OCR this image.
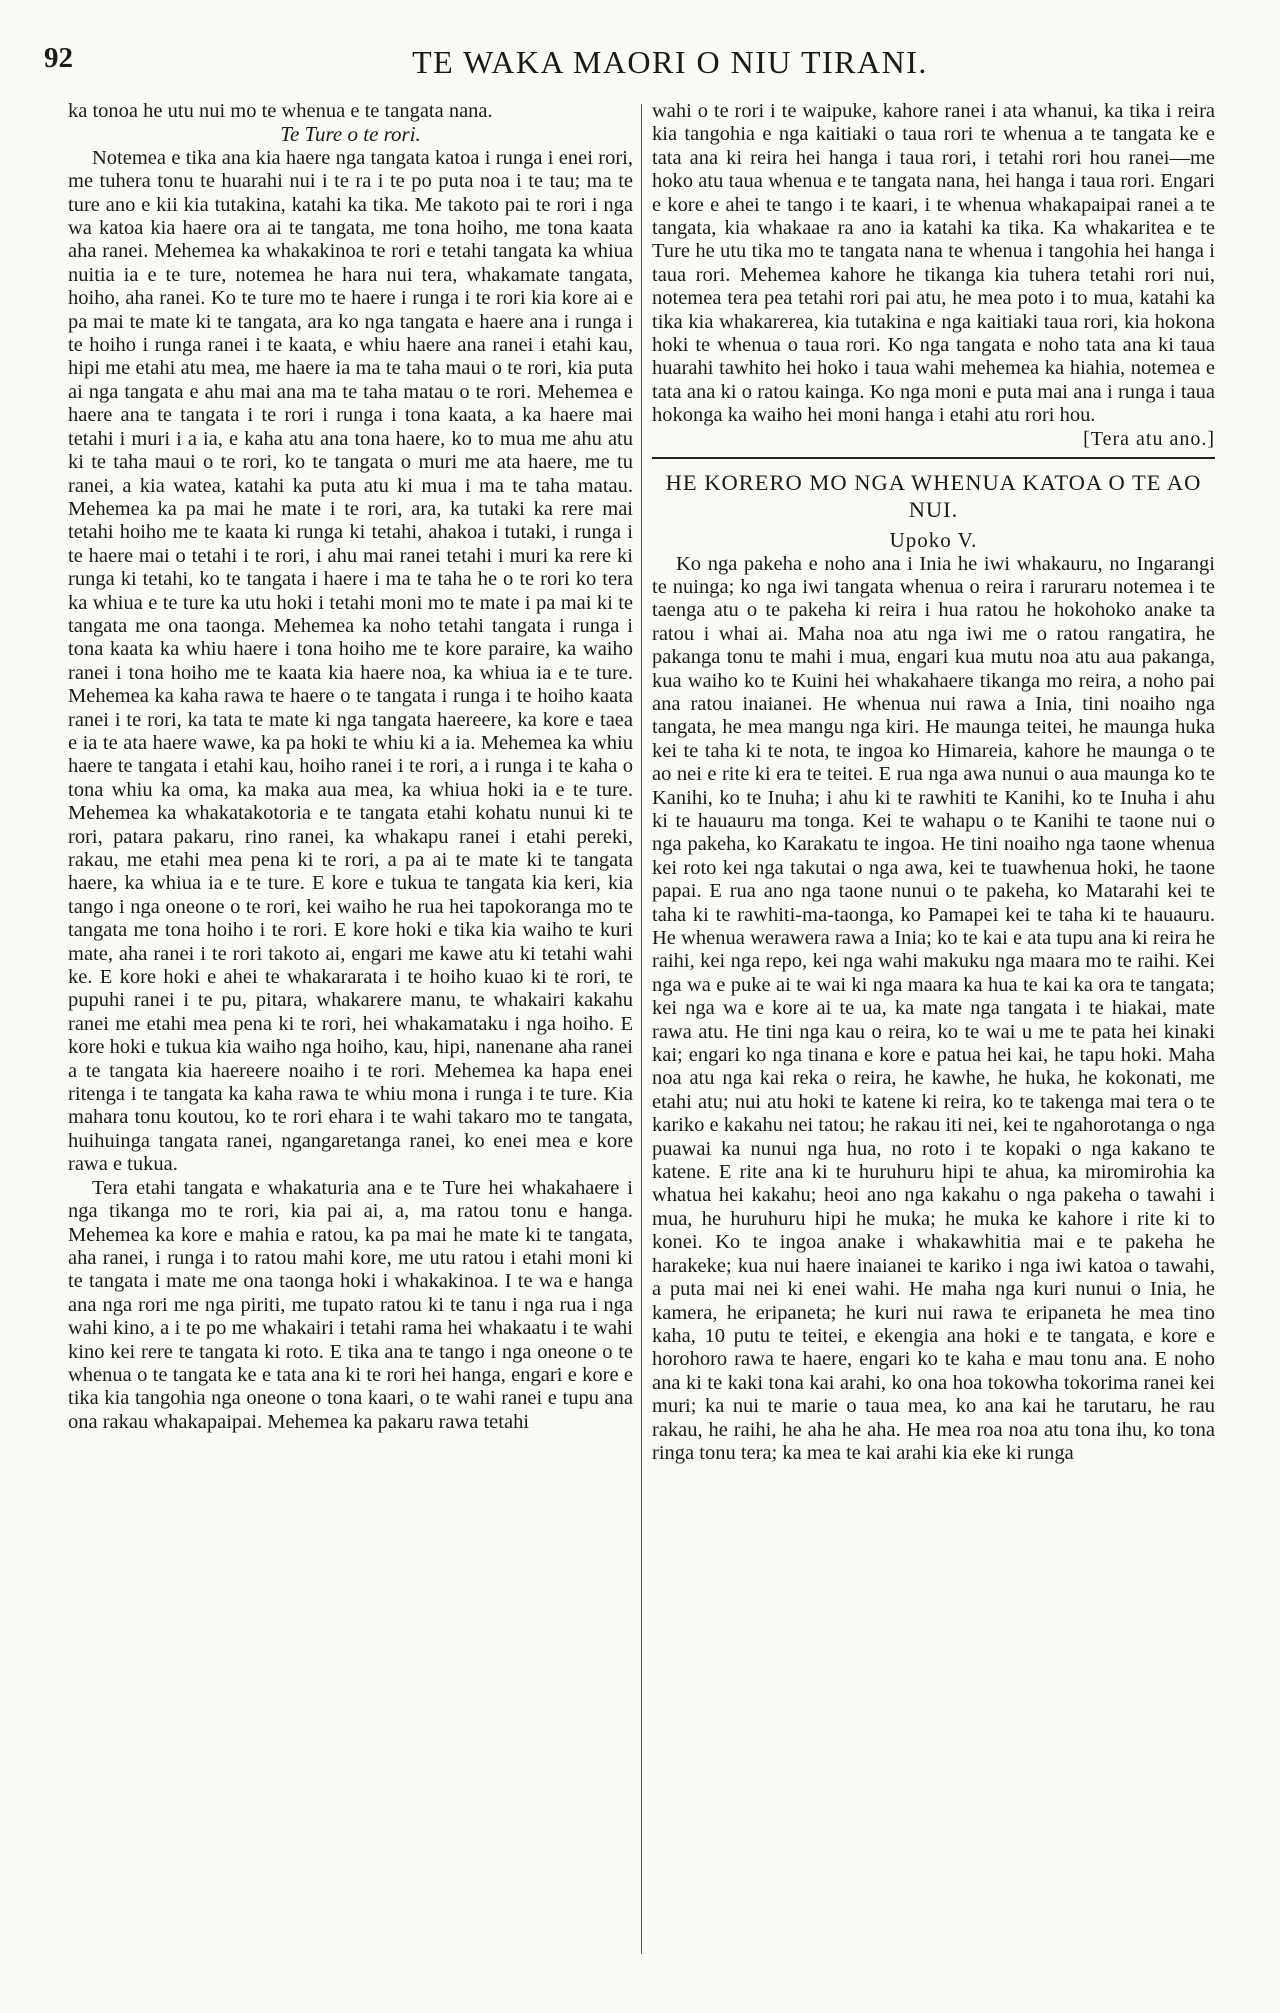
92	TE WAKA MAORI O NIU TIRANI.

ka tonoa he utu nui mo te whenua e te tangata nana.

Te Ture o te rori.

Notemea e tika ana kia haere nga tangata katoa i runga i enei rori, me tuhera tonu te huarahi nui i te ra i te po puta noa i te tau; ma te ture ano e kii kia tutakina, katahi ka tika. Me takoto pai te rori i nga wa katoa kia haere ora ai te tangata, me tona hoiho, me tona kaata aha ranei. Mehemea ka whakakinoa te rori e tetahi tangata ka whiua nuitia ia e te ture, notemea he hara nui tera, whakamate tangata, hoiho, aha ranei. Ko te ture mo te haere i runga i te rori kia kore ai e pa mai te mate ki te tangata, ara ko nga tangata e haere ana i runga i te hoiho i runga ranei i te kaata, e whiu haere ana ranei i etahi kau, hipi me etahi atu mea, me haere ia ma te taha maui o te rori, kia puta ai nga tangata e ahu mai ana ma te taha matau o te rori. Mehemea e haere ana te tangata i te rori i runga i tona kaata, a ka haere mai tetahi i muri i a ia, e kaha atu ana tona haere, ko to mua me ahu atu ki te taha maui o te rori, ko te tangata o muri me ata haere, me tu ranei, a kia watea, katahi ka puta atu ki mua i ma te taha matau. Mehemea ka pa mai he mate i te rori, ara, ka tutaki ka rere mai tetahi hoiho me te kaata ki runga ki tetahi, ahakoa i tutaki, i runga i te haere mai o tetahi i te rori, i ahu mai ranei tetahi i muri ka rere ki runga ki tetahi, ko te tangata i haere i ma te taha he o te rori ko tera ka whiua e te ture ka utu hoki i tetahi moni mo te mate i pa mai ki te tangata me ona taonga. Mehemea ka noho tetahi tangata i runga i tona kaata ka whiu haere i tona hoiho me te kore paraire, ka waiho ranei i tona hoiho me te kaata kia haere noa, ka whiua ia e te ture. Mehemea ka kaha rawa te haere o te tangata i runga i te hoiho kaata ranei i te rori, ka tata te mate ki nga tangata haereere, ka kore e taea e ia te ata haere wawe, ka pa hoki te whiu ki a ia. Mehemea ka whiu haere te tangata i etahi kau, hoiho ranei i te rori, a i runga i te kaha o tona whiu ka oma, ka maka aua mea, ka whiua hoki ia e te ture. Mehemea ka whakatakotoria e te tangata etahi kohatu nunui ki te rori, patara pakaru, rino ranei, ka whakapu ranei i etahi pereki, rakau, me etahi mea pena ki te rori, a pa ai te mate ki te tangata haere, ka whiua ia e te ture. E kore e tukua te tangata kia keri, kia tango i nga oneone o te rori, kei waiho he rua hei tapokoranga mo te tangata me tona hoiho i te rori. E kore hoki e tika kia waiho te kuri mate, aha ranei i te rori takoto ai, engari me kawe atu ki tetahi wahi ke. E kore hoki e ahei te whakararata i te hoiho kuao ki te rori, te pupuhi ranei i te pu, pitara, whakarere manu, te whakairi kakahu ranei me etahi mea pena ki te rori, hei whakamataku i nga hoiho. E kore hoki e tukua kia waiho nga hoiho, kau, hipi, nanenane aha ranei a te tangata kia haereere noaiho i te rori. Mehemea ka hapa enei ritenga i te tangata ka kaha rawa te whiu mona i runga i te ture. Kia mahara tonu koutou, ko te rori ehara i te wahi takaro mo te tangata, huihuinga tangata ranei, ngangaretanga ranei, ko enei mea e kore rawa e tukua.

Tera etahi tangata e whakaturia ana e te Ture hei whakahaere i nga tikanga mo te rori, kia pai ai, a, ma ratou tonu e hanga. Mehemea ka kore e mahia e ratou, ka pa mai he mate ki te tangata, aha ranei, i runga i to ratou mahi kore, me utu ratou i etahi moni ki te tangata i mate me ona taonga hoki i whakakinoa. I te wa e hanga ana nga rori me nga piriti, me tupato ratou ki te tanu i nga rua i nga wahi kino, a i te po me whakairi i tetahi rama hei whakaatu i te wahi kino kei rere te tangata ki roto. E tika ana te tango i nga oneone o te whenua o te tangata ke e tata ana ki te rori hei hanga, engari e kore e tika kia tangohia nga oneone o tona kaari, o te wahi ranei e tupu ana ona rakau whakapaipai. Mehemea ka pakaru rawa tetahi

wahi o te rori i te waipuke, kahore ranei i ata whanui, ka tika i reira kia tangohia e nga kaitiaki o taua rori te whenua a te tangata ke e tata ana ki reira hei hanga i taua rori, i tetahi rori hou ranei—me hoko atu taua whenua e te tangata nana, hei hanga i taua rori. Engari e kore e ahei te tango i te kaari, i te whenua whakapaipai ranei a te tangata, kia whakaae ra ano ia katahi ka tika. Ka whakaritea e te Ture he utu tika mo te tangata nana te whenua i tangohia hei hanga i taua rori. Mehemea kahore he tikanga kia tuhera tetahi rori nui, notemea tera pea tetahi rori pai atu, he mea poto i to mua, katahi ka tika kia whakarerea, kia tutakina e nga kaitiaki taua rori, kia hokona hoki te whenua o taua rori. Ko nga tangata e noho tata ana ki taua huarahi tawhito hei hoko i taua wahi mehemea ka hiahia, notemea e tata ana ki o ratou kainga. Ko nga moni e puta mai ana i runga i taua hokonga ka waiho hei moni hanga i etahi atu rori hou.

[Tera atu ano.]

HE KORERO MO NGA WHENUA KATOA O TE AO NUI.

Upoko V.

Ko nga pakeha e noho ana i Inia he iwi whakauru, no Ingarangi te nuinga; ko nga iwi tangata whenua o reira i raruraru notemea i te taenga atu o te pakeha ki reira i hua ratou he hokohoko anake ta ratou i whai ai. Maha noa atu nga iwi me o ratou rangatira, he pakanga tonu te mahi i mua, engari kua mutu noa atu aua pakanga, kua waiho ko te Kuini hei whakahaere tikanga mo reira, a noho pai ana ratou inaianei. He whenua nui rawa a Inia, tini noaiho nga tangata, he mea mangu nga kiri. He maunga teitei, he maunga huka kei te taha ki te nota, te ingoa ko Himareia, kahore he maunga o te ao nei e rite ki era te teitei. E rua nga awa nunui o aua maunga ko te Kanihi, ko te Inuha; i ahu ki te rawhiti te Kanihi, ko te Inuha i ahu ki te hauauru ma tonga. Kei te wahapu o te Kanihi te taone nui o nga pakeha, ko Karakatu te ingoa. He tini noaiho nga taone whenua kei roto kei nga takutai o nga awa, kei te tuawhenua hoki, he taone papai. E rua ano nga taone nunui o te pakeha, ko Matarahi kei te taha ki te rawhiti-ma-taonga, ko Pamapei kei te taha ki te hauauru. He whenua werawera rawa a Inia; ko te kai e ata tupu ana ki reira he raihi, kei nga repo, kei nga wahi makuku nga maara mo te raihi. Kei nga wa e puke ai te wai ki nga maara ka hua te kai ka ora te tangata; kei nga wa e kore ai te ua, ka mate nga tangata i te hiakai, mate rawa atu. He tini nga kau o reira, ko te wai u me te pata hei kinaki kai; engari ko nga tinana e kore e patua hei kai, he tapu hoki. Maha noa atu nga kai reka o reira, he kawhe, he huka, he kokonati, me etahi atu; nui atu hoki te katene ki reira, ko te takenga mai tera o te kariko e kakahu nei tatou; he rakau iti nei, kei te ngahorotanga o nga puawai ka nunui nga hua, no roto i te kopaki o nga kakano te katene. E rite ana ki te huruhuru hipi te ahua, ka miromirohia ka whatua hei kakahu; heoi ano nga kakahu o nga pakeha o tawahi i mua, he huruhuru hipi he muka; he muka ke kahore i rite ki to konei. Ko te ingoa anake i whakawhitia mai e te pakeha he harakeke; kua nui haere inaianei te kariko i nga iwi katoa o tawahi, a puta mai nei ki enei wahi. He maha nga kuri nunui o Inia, he kamera, he eripaneta; he kuri nui rawa te eripaneta he mea tino kaha, 10 putu te teitei, e ekengia ana hoki e te tangata, e kore e horohoro rawa te haere, engari ko te kaha e mau tonu ana. E noho ana ki te kaki tona kai arahi, ko ona hoa tokowha tokorima ranei kei muri; ka nui te marie o taua mea, ko ana kai he tarutaru, he rau rakau, he raihi, he aha he aha. He mea roa noa atu tona ihu, ko tona ringa tonu tera; ka mea te kai arahi kia eke ki runga
